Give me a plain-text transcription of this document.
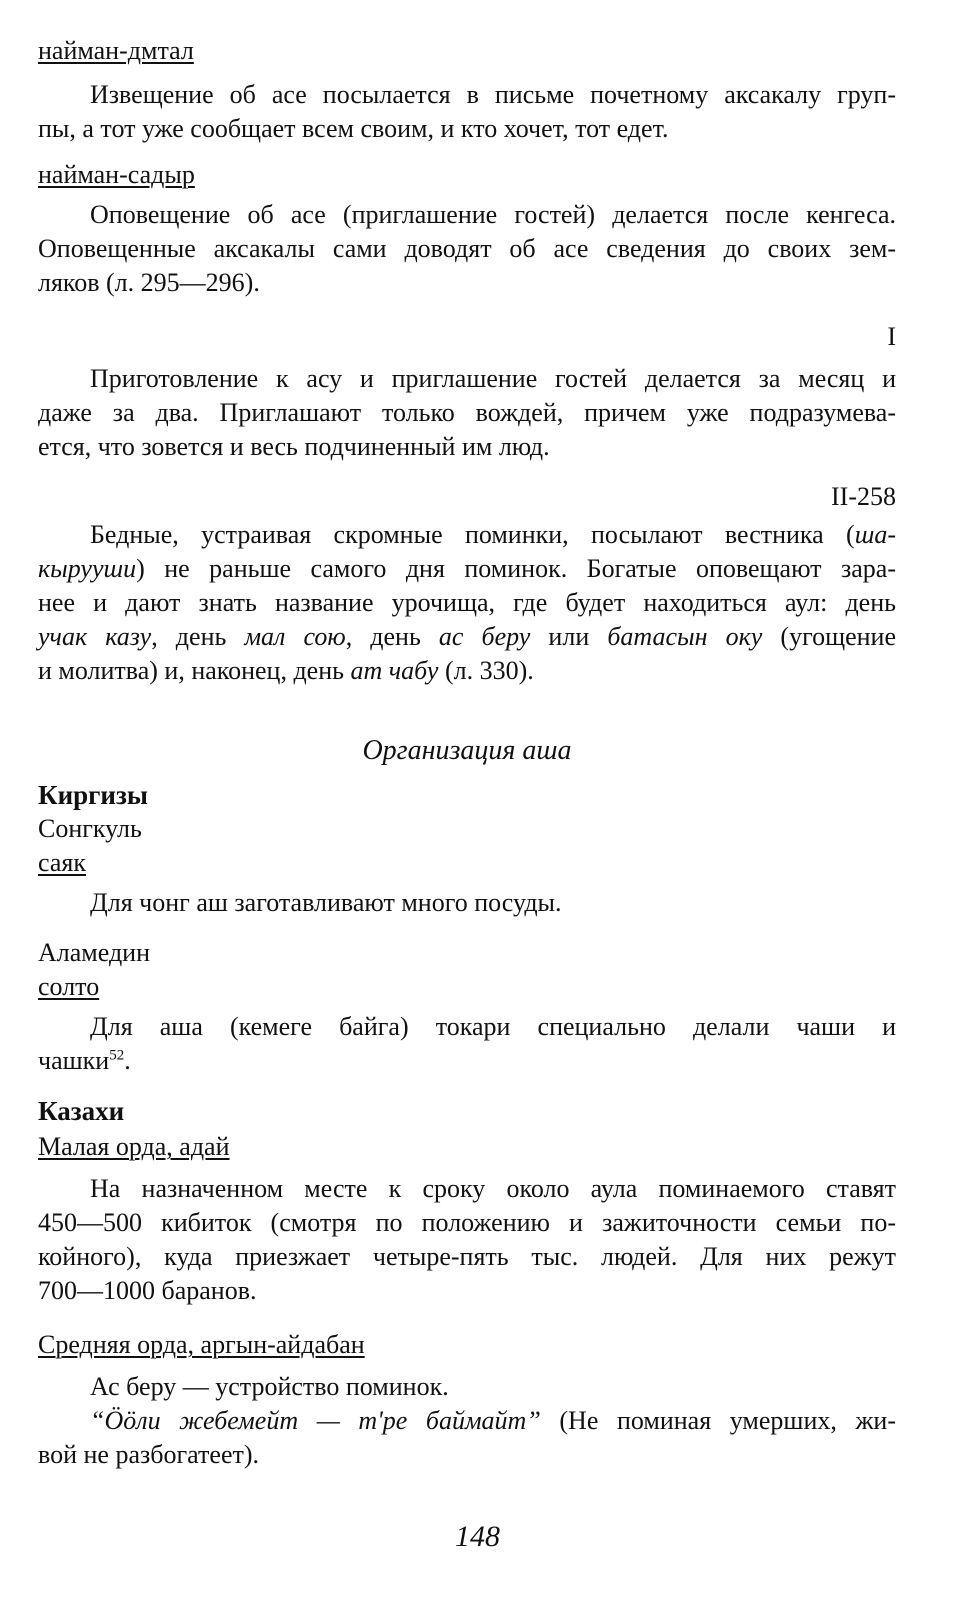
найман-дмтал
Извещение об асе посылается в письме почетному аксакалу груп-
пы, а тот уже сообщает всем своим, и кто хочет, тот едет.
найман-садыр
Оповещение об асе (приглашение гостей) делается после кенгеса.
Оповещенные аксакалы сами доводят об асе сведения до своих зем-
ляков (л. 295—296).
I
Приготовление к асу и приглашение гостей делается за месяц и
даже за два. Приглашают только вождей, причем уже подразумева-
ется, что зовется и весь подчиненный им люд.
II-258
Бедные, устраивая скромные поминки, посылают вестника (ша-
кырууши) не раньше самого дня поминок. Богатые оповещают зара-
нее и дают знать название урочища, где будет находиться аул: день
учак казу, день мал сою, день ас беру или батасын оку (угощение
и молитва) и, наконец, день ат чабу (л. 330).
Организация аша
Киргизы
Сонгкуль
саяк
Для чонг аш заготавливают много посуды.
Аламедин
солто
Для аша (кемеге байга) токари специально делали чаши и
чашки$^{52}$.
Казахи
Малая орда, адай
На назначенном месте к сроку около аула поминаемого ставят
450—500 кибиток (смотря по положению и зажиточности семьи по-
койного), куда приезжает четыре-пять тыс. людей. Для них режут
700—1000 баранов.
Средняя орда, аргын-айдабан
Ас беру — устройство поминок.
“Ööли жебемейт — т'ре баймайт” (Не поминая умерших, жи-
вой не разбогатеет).
148
